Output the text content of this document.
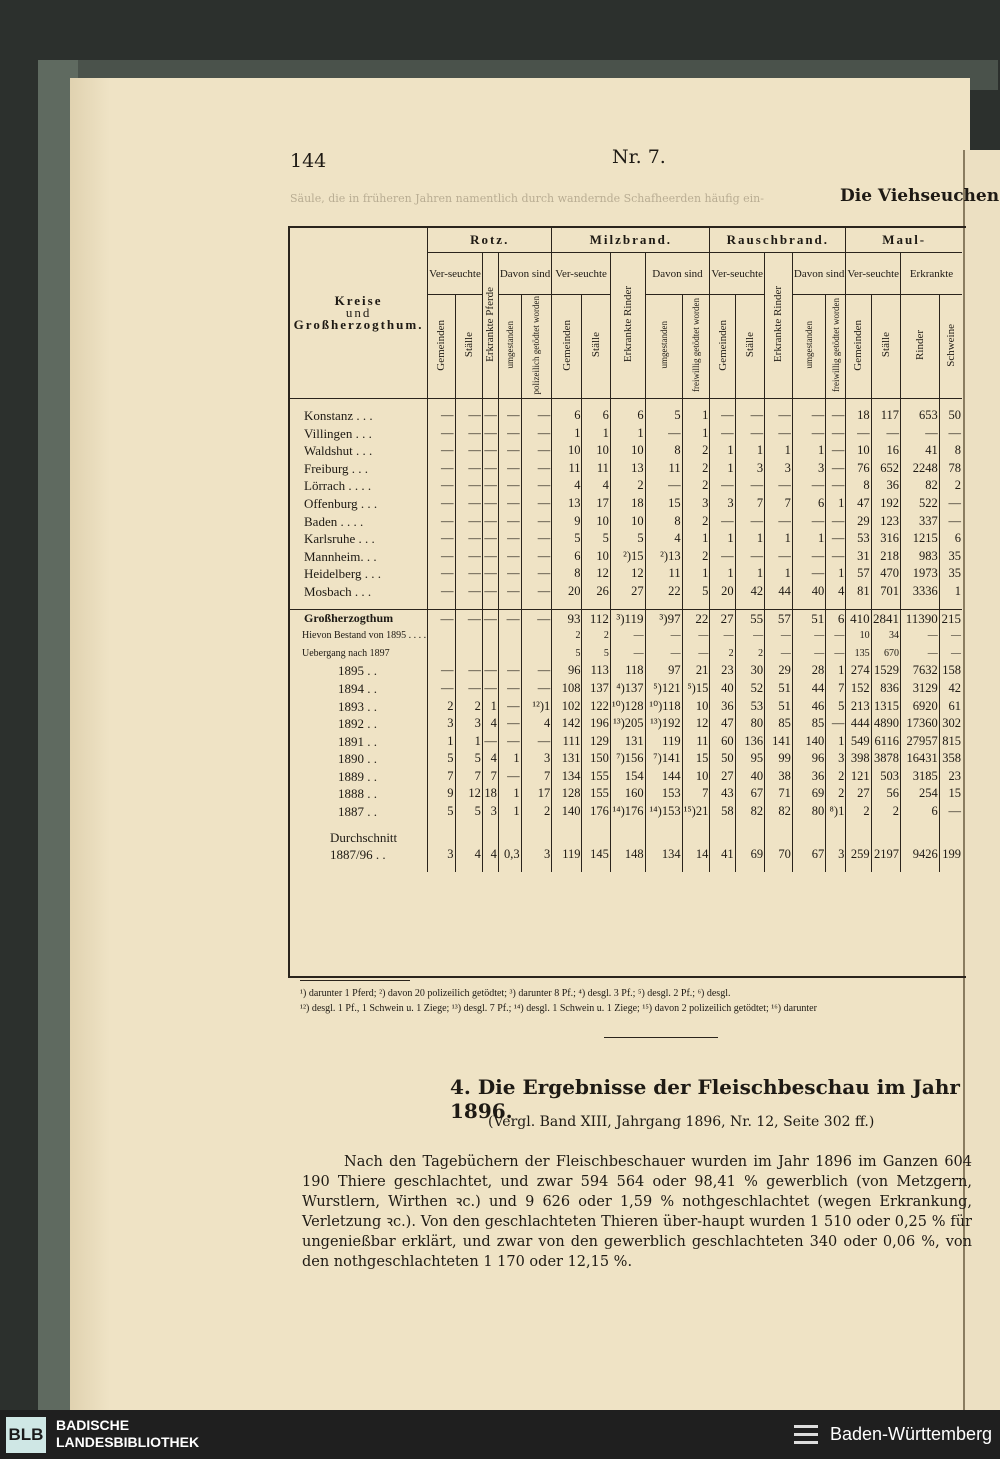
144	Nr. 7.
Die Viehseuchen
Säule, die in früheren Jahren namentlich durch wandernde Schafheerden häufig ein-
Kreise
und
Großherzogthum.	Rotz.					Milzbrand.					Rauschbrand.					Maul-			
	Ver-seuchte		Erkrankte Pferde	Davon sind		Ver-seuchte		Erkrankte Rinder	Davon sind		Ver-seuchte		Erkrankte Rinder	Davon sind		Ver-seuchte		Erkrankte	
	Gemeinden	Ställe		umgestanden	polizeilich getödtet worden	Gemeinden	Ställe		umgestanden	freiwillig getödtet worden	Gemeinden	Ställe		umgestanden	freiwillig getödtet worden	Gemeinden	Ställe	Rinder	Schweine

Konstanz . . .	—	—	—	—	—	6	6	6	5	1	—	—	—	—	—	18	117	653	50
Villingen . . .	—	—	—	—	—	1	1	1	—	1	—	—	—	—	—	—	—	—	—
Waldshut . . .	—	—	—	—	—	10	10	10	8	2	1	1	1	1	—	10	16	41	8
Freiburg . . .	—	—	—	—	—	11	11	13	11	2	1	3	3	3	—	76	652	2248	78
Lörrach . . . .	—	—	—	—	—	4	4	2	—	2	—	—	—	—	—	8	36	82	2
Offenburg . . .	—	—	—	—	—	13	17	18	15	3	3	7	7	6	1	47	192	522	—
Baden . . . .	—	—	—	—	—	9	10	10	8	2	—	—	—	—	—	29	123	337	—
Karlsruhe . . .	—	—	—	—	—	5	5	5	4	1	1	1	1	1	—	53	316	1215	6
Mannheim. . .	—	—	—	—	—	6	10	²)15	²)13	2	—	—	—	—	—	31	218	983	35
Heidelberg . . .	—	—	—	—	—	8	12	12	11	1	1	1	1	—	1	57	470	1973	35
Mosbach . . .	—	—	—	—	—	20	26	27	22	5	20	42	44	40	4	81	701	3336	1

Großherzogthum	—	—	—	—	—	93	112	³)119	³)97	22	27	55	57	51	6	410	2841	11390	215
Hievon Bestand von 1895 . . . .						2	2	—	—	—	—	—	—	—	—	10	34	—	—
Uebergang nach 1897						5	5	—	—	—	2	2	—	—	—	135	670	—	—
1895 . .	—	—	—	—	—	96	113	118	97	21	23	30	29	28	1	274	1529	7632	158
1894 . .	—	—	—	—	—	108	137	⁴)137	⁵)121	⁵)15	40	52	51	44	7	152	836	3129	42
1893 . .	2	2	1	—	¹²)1	102	122	¹⁰)128	¹⁰)118	10	36	53	51	46	5	213	1315	6920	61
1892 . .	3	3	4	—	4	142	196	¹³)205	¹³)192	12	47	80	85	85	—	444	4890	17360	302
1891 . .	1	1	—	—	—	111	129	131	119	11	60	136	141	140	1	549	6116	27957	815
1890 . .	5	5	4	1	3	131	150	⁷)156	⁷)141	15	50	95	99	96	3	398	3878	16431	358
1889 . .	7	7	7	—	7	134	155	154	144	10	27	40	38	36	2	121	503	3185	23
1888 . .	9	12	18	1	17	128	155	160	153	7	43	67	71	69	2	27	56	254	15
1887 . .	5	5	3	1	2	140	176	¹⁴)176	¹⁴)153	¹⁵)21	58	82	82	80	⁸)1	2	2	6	—

Durchschnitt
1887/96 . .	3	4	4	0,3	3	119	145	148	134	14	41	69	70	67	3	259	2197	9426	199

¹) darunter 1 Pferd; ²) davon 20 polizeilich getödtet; ³) darunter 8 Pf.; ⁴) desgl. 3 Pf.; ⁵) desgl. 2 Pf.; ⁶) desgl.
¹²) desgl. 1 Pf., 1 Schwein u. 1 Ziege; ¹³) desgl. 7 Pf.; ¹⁴) desgl. 1 Schwein u. 1 Ziege; ¹⁵) davon 2 polizeilich getödtet; ¹⁶) darunter
4. Die Ergebnisse der Fleischbeschau im Jahr 1896.
(Vergl. Band XIII, Jahrgang 1896, Nr. 12, Seite 302 ff.)

Nach den Tagebüchern der Fleischbeschauer wurden im Jahr 1896 im Ganzen 604 190 Thiere geschlachtet, und zwar 594 564 oder 98,41 % gewerblich (von Metzgern, Wurstlern, Wirthen ꝛc.) und 9 626 oder 1,59 % nothgeschlachtet (wegen Erkrankung, Verletzung ꝛc.). Von den geschlachteten Thieren über-haupt wurden 1 510 oder 0,25 % für ungenießbar erklärt, und zwar von den gewerblich geschlachteten 340 oder 0,06 %, von den nothgeschlachteten 1 170 oder 12,15 %.

BLB BADISCHE
LANDESBIBLIOTHEK	Baden-Württemberg
